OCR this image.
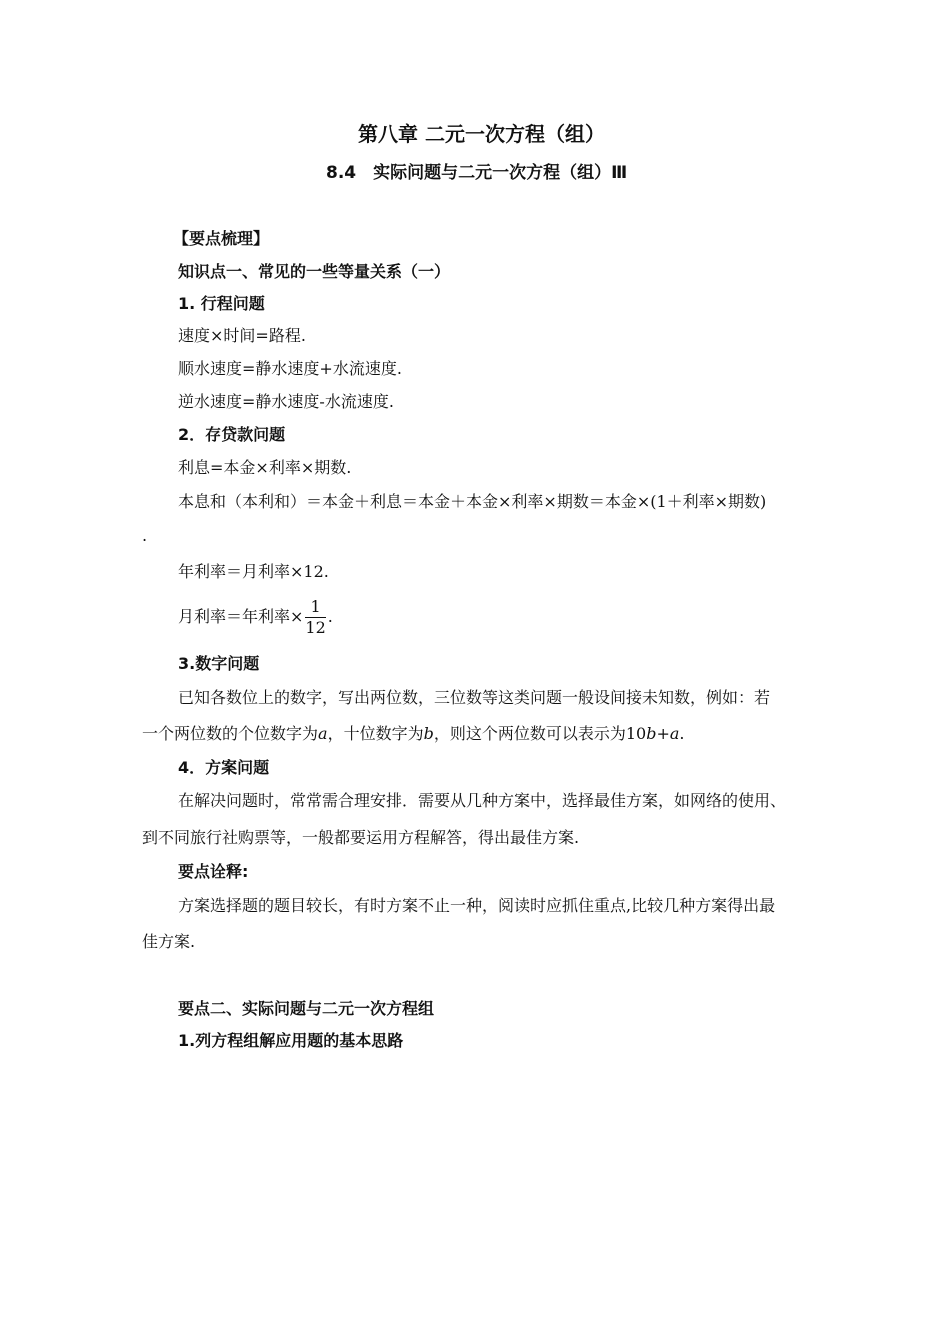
第八章 二元一次方程（组）
8.4　实际问题与二元一次方程（组）Ⅲ
【要点梳理】
知识点一、常见的一些等量关系（一）
1. 行程问题
速度×时间=路程.
顺水速度=静水速度+水流速度.
逆水速度=静水速度-水流速度.
2．存贷款问题
利息=本金×利率×期数.
本息和（本利和）＝本金＋利息＝本金＋本金×利率×期数＝本金×(1＋利率×期数)
.
年利率＝月利率×12.
月利率＝年利率× $\frac{1}{12}$ .
3.数字问题
已知各数位上的数字，写出两位数，三位数等这类问题一般设间接未知数，例如：若
一个两位数的个位数字为a，十位数字为b，则这个两位数可以表示为10b+a.
4．方案问题
在解决问题时，常常需合理安排．需要从几种方案中，选择最佳方案，如网络的使用、
到不同旅行社购票等，一般都要运用方程解答，得出最佳方案.
要点诠释:
方案选择题的题目较长，有时方案不止一种，阅读时应抓住重点,比较几种方案得出最
佳方案.
要点二、实际问题与二元一次方程组
1.列方程组解应用题的基本思路
